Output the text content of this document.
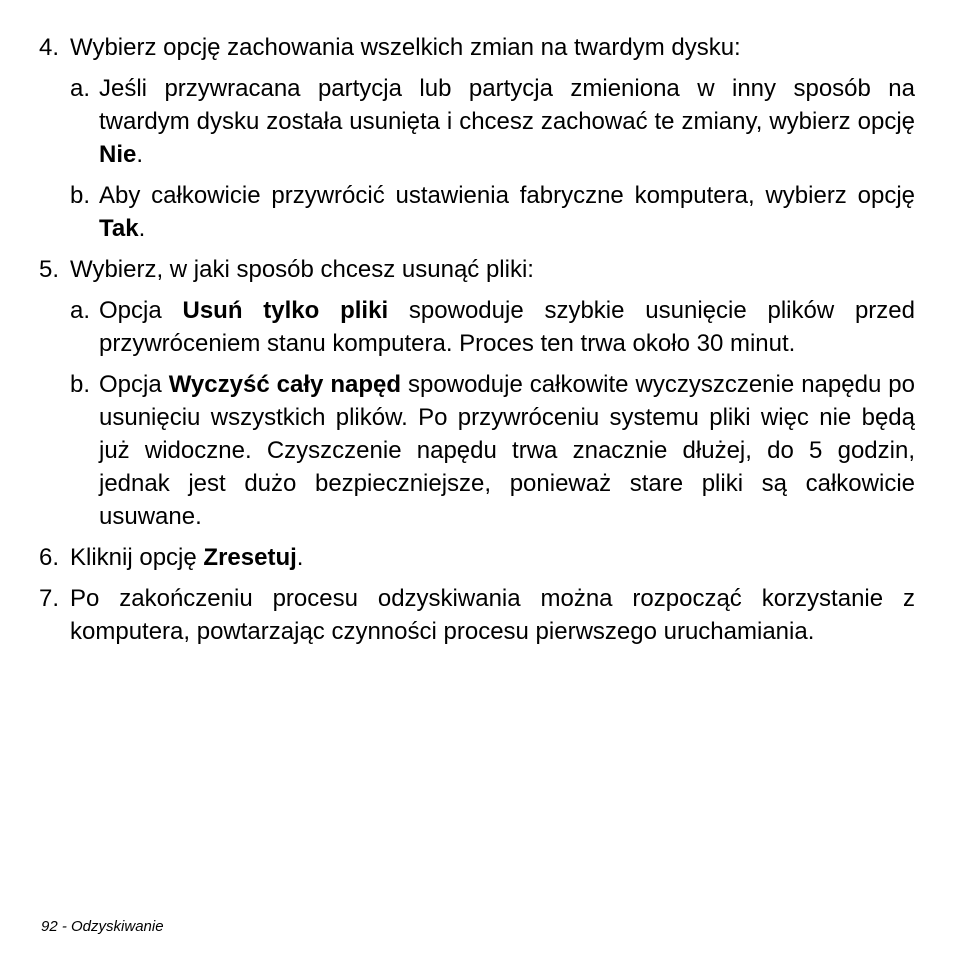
4. Wybierz opcję zachowania wszelkich zmian na twardym dysku:
a. Jeśli przywracana partycja lub partycja zmieniona w inny sposób na twardym dysku została usunięta i chcesz zachować te zmiany, wybierz opcję Nie.
b. Aby całkowicie przywrócić ustawienia fabryczne komputera, wybierz opcję Tak.
5. Wybierz, w jaki sposób chcesz usunąć pliki:
a. Opcja Usuń tylko pliki spowoduje szybkie usunięcie plików przed przywróceniem stanu komputera. Proces ten trwa około 30 minut.
b. Opcja Wyczyść cały napęd spowoduje całkowite wyczyszczenie napędu po usunięciu wszystkich plików. Po przywróceniu systemu pliki więc nie będą już widoczne. Czyszczenie napędu trwa znacznie dłużej, do 5 godzin, jednak jest dużo bezpieczniejsze, ponieważ stare pliki są całkowicie usuwane.
6. Kliknij opcję Zresetuj.
7. Po zakończeniu procesu odzyskiwania można rozpocząć korzystanie z komputera, powtarzając czynności procesu pierwszego uruchamiania.
92 - Odzyskiwanie
